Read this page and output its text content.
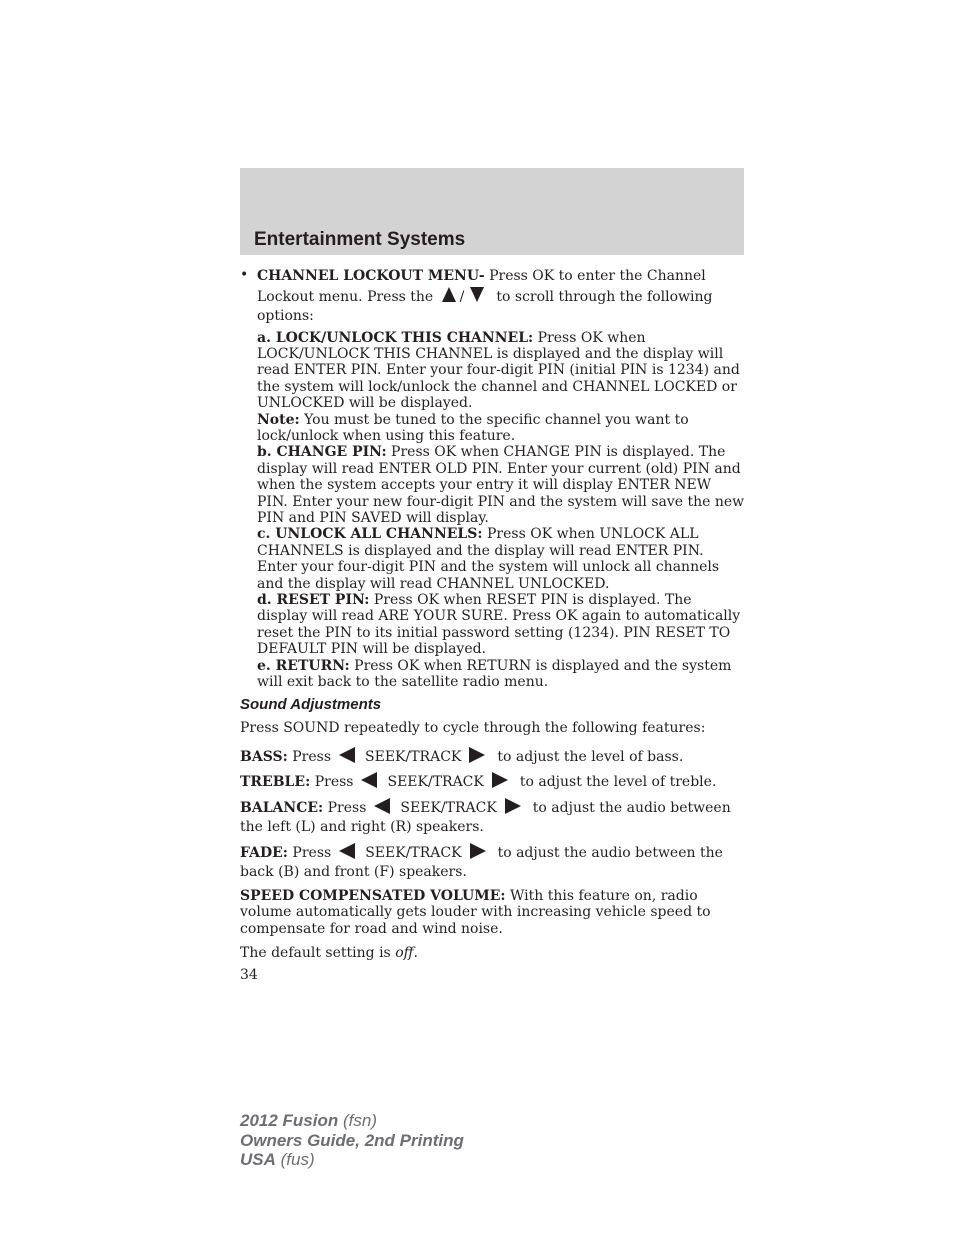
Entertainment Systems
• CHANNEL LOCKOUT MENU- Press OK to enter the Channel Lockout menu. Press the / to scroll through the following options:

a. LOCK/UNLOCK THIS CHANNEL: Press OK when LOCK/UNLOCK THIS CHANNEL is displayed and the display will read ENTER PIN. Enter your four-digit PIN (initial PIN is 1234) and the system will lock/unlock the channel and CHANNEL LOCKED or UNLOCKED will be displayed.

Note: You must be tuned to the specific channel you want to lock/unlock when using this feature.

b. CHANGE PIN: Press OK when CHANGE PIN is displayed. The display will read ENTER OLD PIN. Enter your current (old) PIN and when the system accepts your entry it will display ENTER NEW PIN. Enter your new four-digit PIN and the system will save the new PIN and PIN SAVED will display.

c. UNLOCK ALL CHANNELS: Press OK when UNLOCK ALL CHANNELS is displayed and the display will read ENTER PIN. Enter your four-digit PIN and the system will unlock all channels and the display will read CHANNEL UNLOCKED.

d. RESET PIN: Press OK when RESET PIN is displayed. The display will read ARE YOUR SURE. Press OK again to automatically reset the PIN to its initial password setting (1234). PIN RESET TO DEFAULT PIN will be displayed.

e. RETURN: Press OK when RETURN is displayed and the system will exit back to the satellite radio menu.

Sound Adjustments

Press SOUND repeatedly to cycle through the following features:

BASS: Press SEEK/TRACK	to adjust the level of bass.

TREBLE: Press SEEK/TRACK	to adjust the level of treble.

BALANCE: Press SEEK/TRACK	to adjust the audio between the left (L) and right (R) speakers.

FADE: Press SEEK/TRACK	to adjust the audio between the back (B) and front (F) speakers.

SPEED COMPENSATED VOLUME: With this feature on, radio volume automatically gets louder with increasing vehicle speed to compensate for road and wind noise.

The default setting is off.

34

2012 Fusion (fsn)

Owners Guide, 2nd Printing

USA (fus)
